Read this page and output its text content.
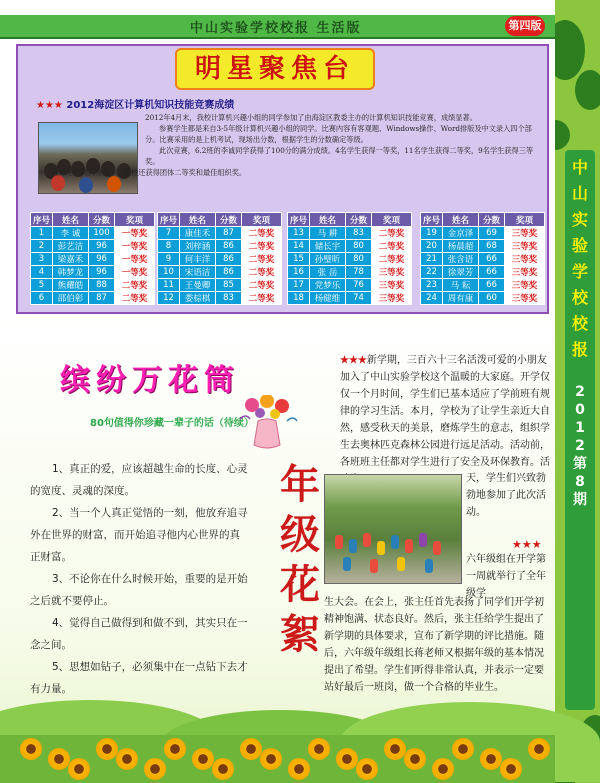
中
山
实
验
学
校
校
报
2
0
1
2
第
8
期
中山实验学校校报 生活版	第四版
明星聚焦台
★★★ 2012海淀区计算机知识技能竞赛成绩

2012年4月末，我校计算机兴趣小组的同学参加了由海淀区教委主办的计算机知识技能竞赛，成绩显著。

参赛学生都是来自3-5年级计算机兴趣小组的同学。比赛内容有客观题、Windows操作、Word排版及中文录入四个部分。比赛采用的是上机考试，现场出分数，根据学生的分数确定等级。

此次竞赛，6.2班的李诚同学获得了100分的满分成绩。4名学生获得一等奖，11名学生获得二等奖，9名学生获得三等奖。

在师生的共同努力下，我校还获得团体二等奖和最佳组织奖。

序号	姓名	分数	奖项
1	李 诚	100	一等奖
2	彭艺洁	96	一等奖
3	梁嘉禾	96	一等奖
4	韩梦龙	96	一等奖
5	熊耀皓	88	二等奖
6	邵伯彰	87	二等奖
序号	姓名	分数	奖项
7	康佳禾	87	二等奖
8	刘梓涵	86	二等奖
9	何丰洋	86	二等奖
10	宋语洁	86	二等奖
11	王曼卿	85	二等奖
12	娄棕棋	83	二等奖
序号	姓名	分数	奖项
13	马 耕	83	二等奖
14	储长宇	80	二等奖
15	孙璧昕	80	二等奖
16	张 岳	78	三等奖
17	党梦乐	76	三等奖
18	杨健维	74	三等奖
序号	姓名	分数	奖项
19	金京泽	69	三等奖
20	杨晨超	68	三等奖
21	张含语	66	三等奖
22	徐翠芳	66	三等奖
23	马 耘	66	三等奖
24	周有康	60	三等奖
缤纷万花筒
80句值得你珍藏一辈子的话（待续）

1、真正的爱，应该超越生命的长度、心灵的宽度、灵魂的深度。

2、当一个人真正觉悟的一刻，他放弃追寻外在世界的财富，而开始追寻他内心世界的真正财富。

3、不论你在什么时候开始，重要的是开始之后就不要停止。

4、觉得自己做得到和做不到，其实只在一念之间。

5、思想如钻子，必须集中在一点钻下去才有力量。

年
级
花
絮
★★★新学期，三百六十三名活泼可爱的小朋友加入了中山实验学校这个温暖的大家庭。开学仅仅一个月时间，学生们已基本适应了学前班有规律的学习生活。本月，学校为了让学生亲近大自然，感受秋天的美景，磨炼学生的意志，组织学生去奥林匹克森林公园进行远足活动。活动前，各班班主任都对学生进行了安全及环保教育。活
天，学生们兴致勃勃地参加了此次活动。
★★★
六年级组在开学第一周就举行了全年级学
生大会。在会上，张主任首先表扬了同学们开学初精神饱满、状态良好。然后，张主任给学生提出了新学期的具体要求，宣布了新学期的评比措施。随后，六年级年级组长蒋老师又根据年级的基本情况提出了希望。学生们听得非常认真，并表示一定要站好最后一班岗，做一个合格的毕业生。
